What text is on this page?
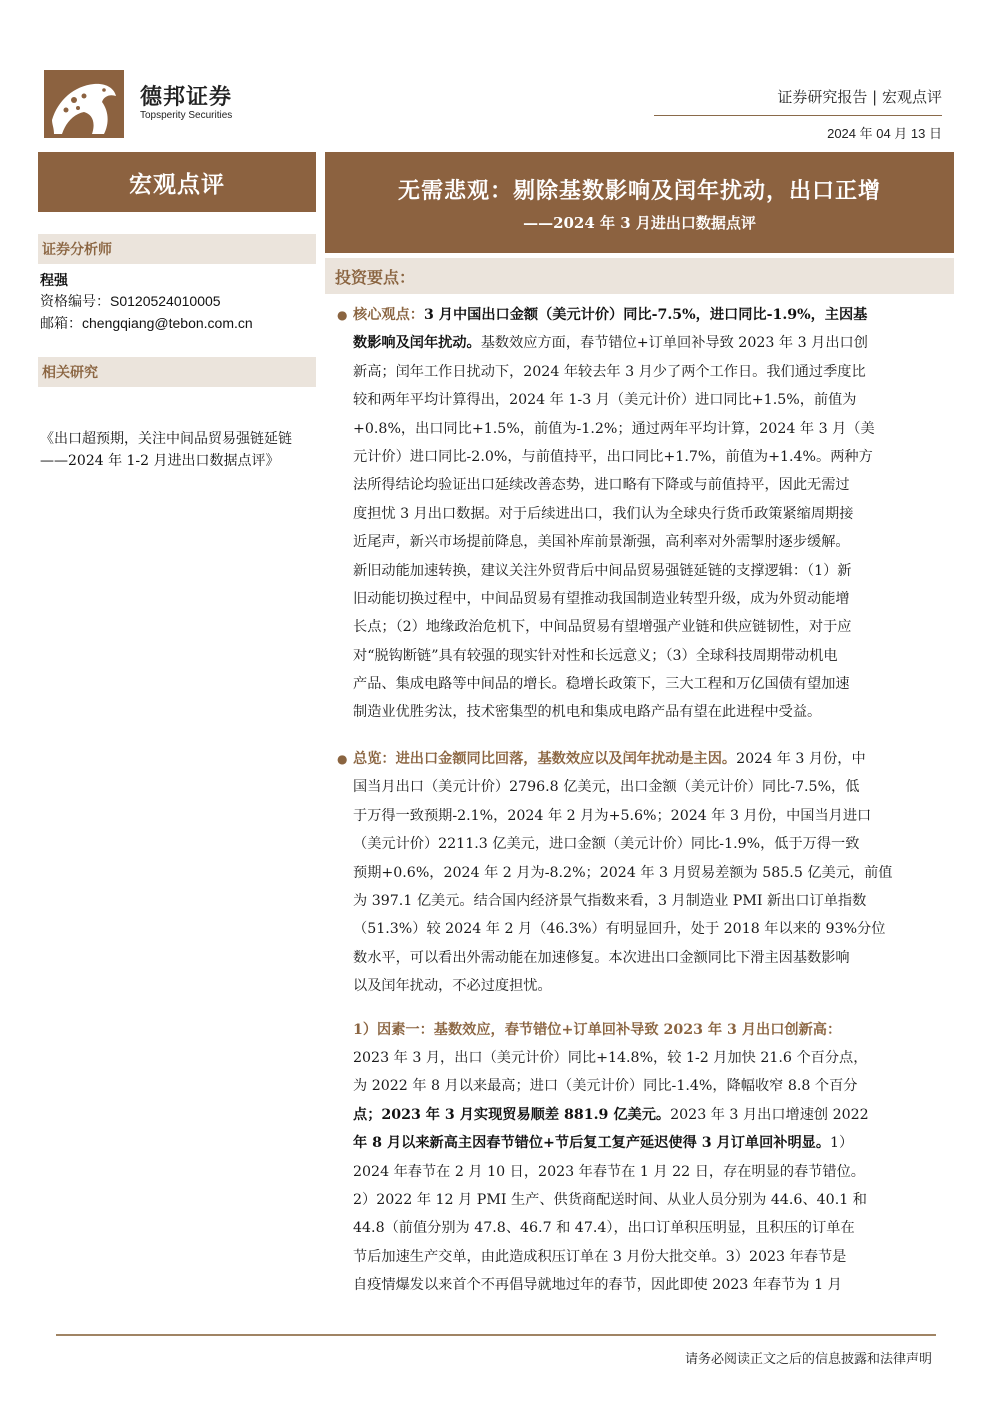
德邦证券
Topsperity Securities
证券研究报告 | 宏观点评
2024 年 04 月 13 日
宏观点评
证券分析师
程强
资格编号：S0120524010005
邮箱：chengqiang@tebon.com.cn
相关研究
《出口超预期，关注中间品贸易强链延链——2024 年 1-2 月进出口数据点评》
无需悲观：剔除基数影响及闰年扰动，出口正增
——2024 年 3 月进出口数据点评
投资要点：
● 核心观点：3 月中国出口金额（美元计价）同比-7.5%，进口同比-1.9%，主因基
数影响及闰年扰动。基数效应方面，春节错位+订单回补导致 2023 年 3 月出口创
新高；闰年工作日扰动下，2024 年较去年 3 月少了两个工作日。我们通过季度比
较和两年平均计算得出，2024 年 1-3 月（美元计价）进口同比+1.5%，前值为
+0.8%，出口同比+1.5%，前值为-1.2%；通过两年平均计算，2024 年 3 月（美
元计价）进口同比-2.0%，与前值持平，出口同比+1.7%，前值为+1.4%。两种方
法所得结论均验证出口延续改善态势，进口略有下降或与前值持平，因此无需过
度担忧 3 月出口数据。对于后续进出口，我们认为全球央行货币政策紧缩周期接
近尾声，新兴市场提前降息，美国补库前景渐强，高利率对外需掣肘逐步缓解。
新旧动能加速转换，建议关注外贸背后中间品贸易强链延链的支撑逻辑：（1）新
旧动能切换过程中，中间品贸易有望推动我国制造业转型升级，成为外贸动能增
长点；（2）地缘政治危机下，中间品贸易有望增强产业链和供应链韧性，对于应
对“脱钩断链”具有较强的现实针对性和长远意义；（3）全球科技周期带动机电
产品、集成电路等中间品的增长。稳增长政策下，三大工程和万亿国债有望加速
制造业优胜劣汰，技术密集型的机电和集成电路产品有望在此进程中受益。
● 总览：进出口金额同比回落，基数效应以及闰年扰动是主因。2024 年 3 月份，中
国当月出口（美元计价）2796.8 亿美元，出口金额（美元计价）同比-7.5%，低
于万得一致预期-2.1%，2024 年 2 月为+5.6%；2024 年 3 月份，中国当月进口
（美元计价）2211.3 亿美元，进口金额（美元计价）同比-1.9%，低于万得一致
预期+0.6%，2024 年 2 月为-8.2%；2024 年 3 月贸易差额为 585.5 亿美元，前值
为 397.1 亿美元。结合国内经济景气指数来看，3 月制造业 PMI 新出口订单指数
（51.3%）较 2024 年 2 月（46.3%）有明显回升，处于 2018 年以来的 93%分位
数水平，可以看出外需动能在加速修复。本次进出口金额同比下滑主因基数影响
以及闰年扰动，不必过度担忧。
1）因素一：基数效应，春节错位+订单回补导致 2023 年 3 月出口创新高：
2023 年 3 月，出口（美元计价）同比+14.8%，较 1-2 月加快 21.6 个百分点，
为 2022 年 8 月以来最高；进口（美元计价）同比-1.4%，降幅收窄 8.8 个百分
点；2023 年 3 月实现贸易顺差 881.9 亿美元。2023 年 3 月出口增速创 2022
年 8 月以来新高主因春节错位+节后复工复产延迟使得 3 月订单回补明显。1）
2024 年春节在 2 月 10 日，2023 年春节在 1 月 22 日，存在明显的春节错位。
2）2022 年 12 月 PMI 生产、供货商配送时间、从业人员分别为 44.6、40.1 和
44.8（前值分别为 47.8、46.7 和 47.4），出口订单积压明显，且积压的订单在
节后加速生产交单，由此造成积压订单在 3 月份大批交单。3）2023 年春节是
自疫情爆发以来首个不再倡导就地过年的春节，因此即使 2023 年春节为 1 月
请务必阅读正文之后的信息披露和法律声明
